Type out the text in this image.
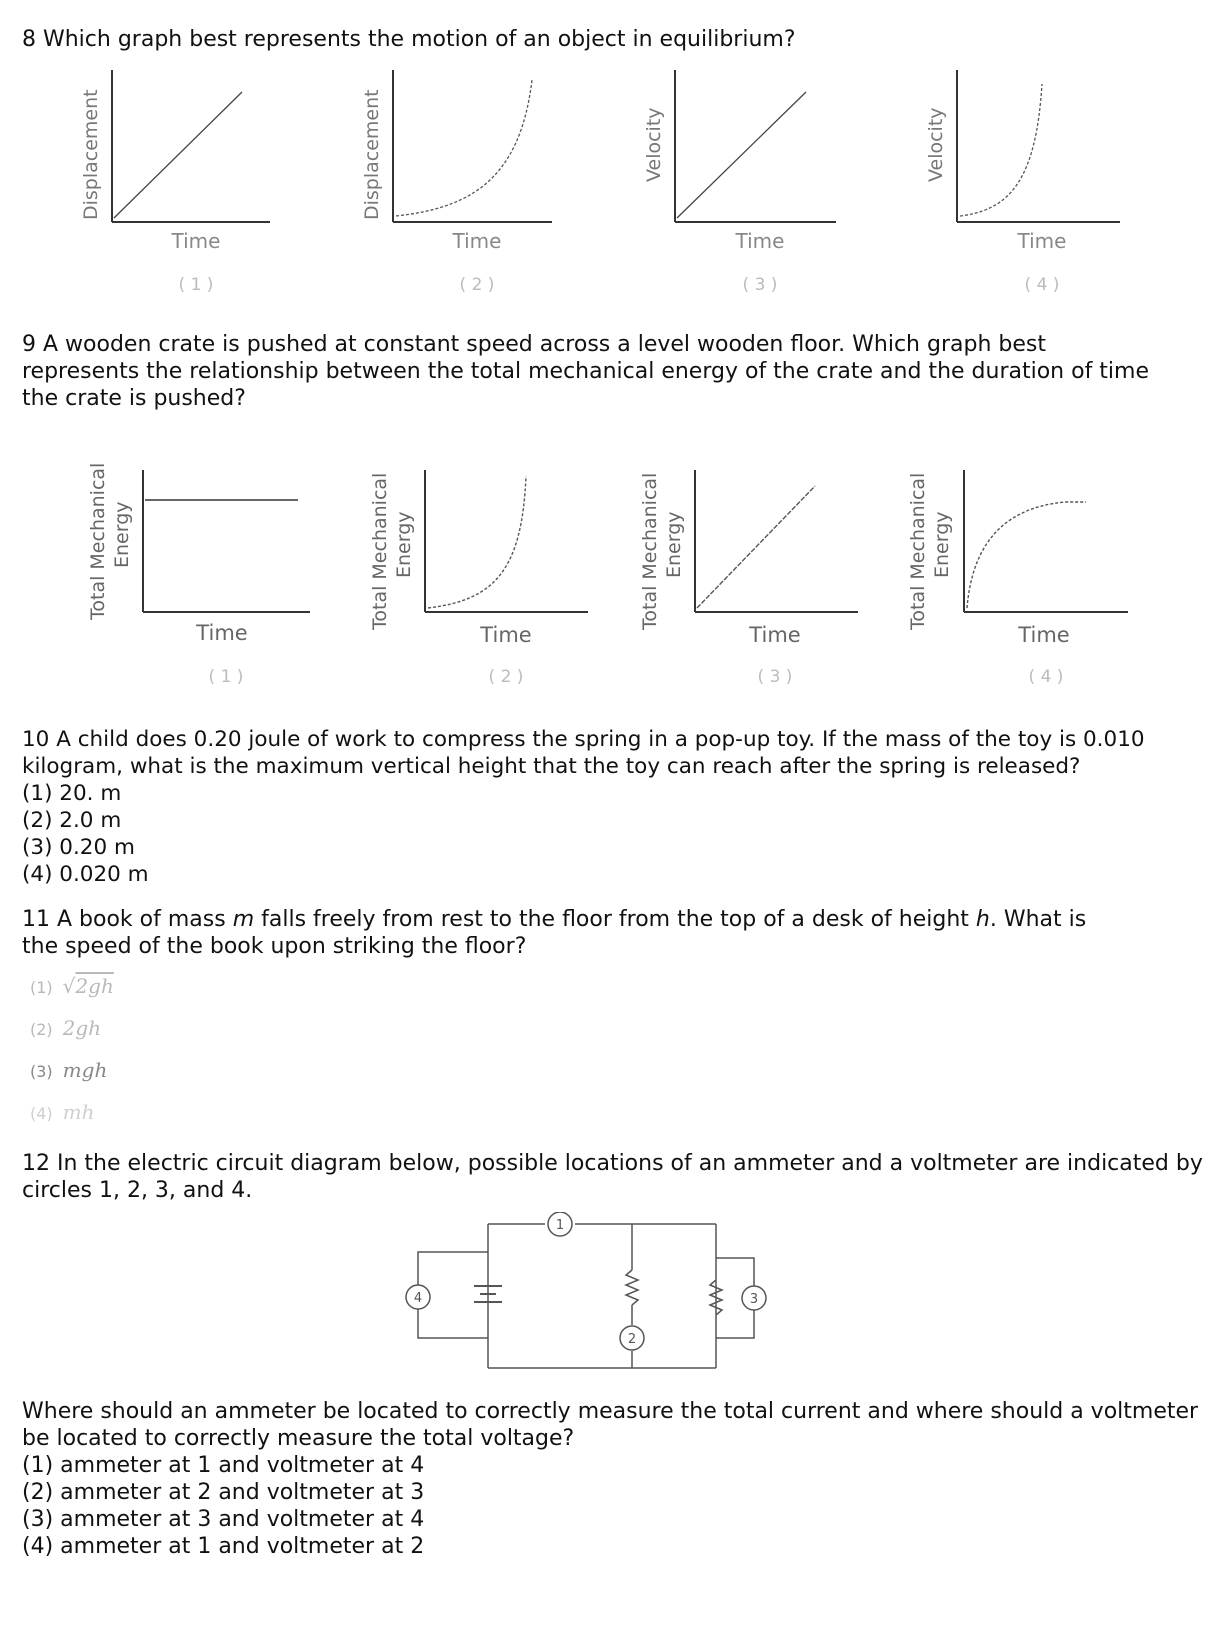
8 Which graph best represents the motion of an object in equilibrium?

Displacement
Time
( 1 )
Displacement
Time
( 2 )
Velocity
Time
( 3 )
Velocity
Time
( 4 )

9 A wooden crate is pushed at constant speed across a level wooden floor. Which graph best represents the relationship between the total mechanical energy of the crate and the duration of time the crate is pushed?

Total Mechanical Energy
Time
( 1 )
Total Mechanical Energy
Time
( 2 )
Total Mechanical Energy
Time
( 3 )
Total Mechanical Energy
Time
( 4 )

10 A child does 0.20 joule of work to compress the spring in a pop-up toy. If the mass of the toy is 0.010 kilogram, what is the maximum vertical height that the toy can reach after the spring is released?

(1) 20. m

(2) 2.0 m

(3) 0.20 m

(4) 0.020 m

11 A book of mass m falls freely from rest to the floor from the top of a desk of height h. What is the speed of the book upon striking the floor?

(1) √2gh
(2) 2gh
(3) mgh
(4) mh

12 In the electric circuit diagram below, possible locations of an ammeter and a voltmeter are indicated by circles 1, 2, 3, and 4.

1
2
3
4

Where should an ammeter be located to correctly measure the total current and where should a voltmeter be located to correctly measure the total voltage?

(1) ammeter at 1 and voltmeter at 4

(2) ammeter at 2 and voltmeter at 3

(3) ammeter at 3 and voltmeter at 4

(4) ammeter at 1 and voltmeter at 2
